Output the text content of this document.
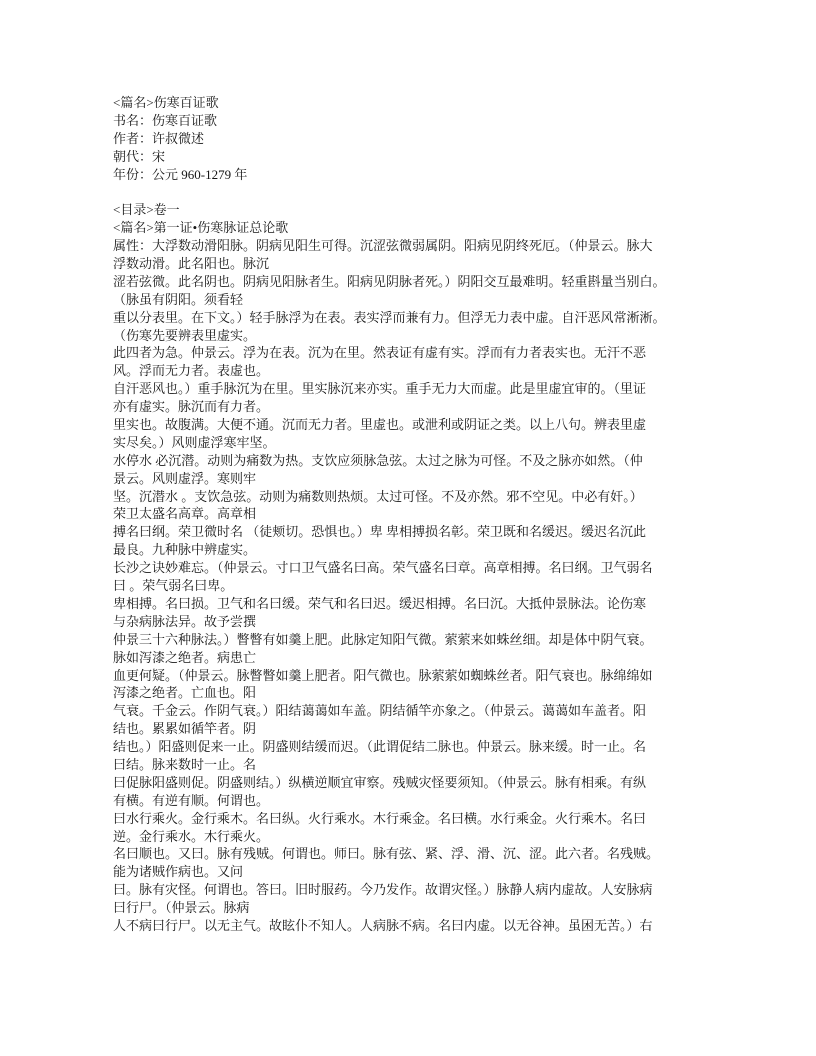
<篇名>伤寒百证歌
书名：伤寒百证歌
作者：许叔微述
朝代：宋
年份：公元 960-1279 年
<目录>卷一
<篇名>第一证•伤寒脉证总论歌
属性：大浮数动滑阳脉。阴病见阳生可得。沉涩弦微弱属阴。阳病见阴终死厄。（仲景云。脉大
浮数动滑。此名阳也。脉沉
涩若弦微。此名阴也。阴病见阳脉者生。阳病见阴脉者死。）阴阳交互最难明。轻重斟量当别白。
（脉虽有阴阳。须看轻
重以分表里。在下文。）轻手脉浮为在表。表实浮而兼有力。但浮无力表中虚。自汗恶风常淅淅。
（伤寒先要辨表里虚实。
此四者为急。仲景云。浮为在表。沉为在里。然表证有虚有实。浮而有力者表实也。无汗不恶
风。浮而无力者。表虚也。
自汗恶风也。）重手脉沉为在里。里实脉沉来亦实。重手无力大而虚。此是里虚宜审的。（里证
亦有虚实。脉沉而有力者。
里实也。故腹满。大便不通。沉而无力者。里虚也。或泄利或阴证之类。以上八句。辨表里虚
实尽矣。）风则虚浮寒牢坚。
水停水 必沉潜。动则为痛数为热。支饮应须脉急弦。太过之脉为可怪。不及之脉亦如然。（仲
景云。风则虚浮。寒则牢
坚。沉潜水 。支饮急弦。动则为痛数则热烦。太过可怪。不及亦然。邪不空见。中必有奸。）
荣卫太盛名高章。高章相
搏名曰纲。荣卫微时名 （徒颊切。恐惧也。）卑 卑相搏损名彰。荣卫既和名缓迟。缓迟名沉此
最良。九种脉中辨虚实。
长沙之诀妙难忘。（仲景云。寸口卫气盛名曰高。荣气盛名曰章。高章相搏。名曰纲。卫气弱名
曰 。荣气弱名曰卑。
卑相搏。名曰损。卫气和名曰缓。荣气和名曰迟。缓迟相搏。名曰沉。大抵仲景脉法。论伤寒
与杂病脉法异。故予尝撰
仲景三十六种脉法。）瞥瞥有如羹上肥。此脉定知阳气微。萦萦来如蛛丝细。却是体中阴气衰。
脉如泻漆之绝者。病患亡
血更何疑。（仲景云。脉瞥瞥如羹上肥者。阳气微也。脉萦萦如蜘蛛丝者。阳气衰也。脉绵绵如
泻漆之绝者。亡血也。阳
气衰。千金云。作阴气衰。）阳结蔼蔼如车盖。阴结循竿亦象之。（仲景云。蔼蔼如车盖者。阳
结也。累累如循竿者。阴
结也。）阳盛则促来一止。阴盛则结缓而迟。（此谓促结二脉也。仲景云。脉来缓。时一止。名
曰结。脉来数时一止。名
曰促脉阳盛则促。阴盛则结。）纵横逆顺宜审察。残贼灾怪要须知。（仲景云。脉有相乘。有纵
有横。有逆有顺。何谓也。
曰水行乘火。金行乘木。名曰纵。火行乘水。木行乘金。名曰横。水行乘金。火行乘木。名曰
逆。金行乘水。木行乘火。
名曰顺也。又曰。脉有残贼。何谓也。师曰。脉有弦、紧、浮、滑、沉、涩。此六者。名残贼。
能为诸贼作病也。又问
曰。脉有灾怪。何谓也。答曰。旧时服药。今乃发作。故谓灾怪。）脉静人病内虚故。人安脉病
曰行尸。（仲景云。脉病
人不病曰行尸。以无主气。故眩仆不知人。人病脉不病。名曰内虚。以无谷神。虽困无苦。）右
